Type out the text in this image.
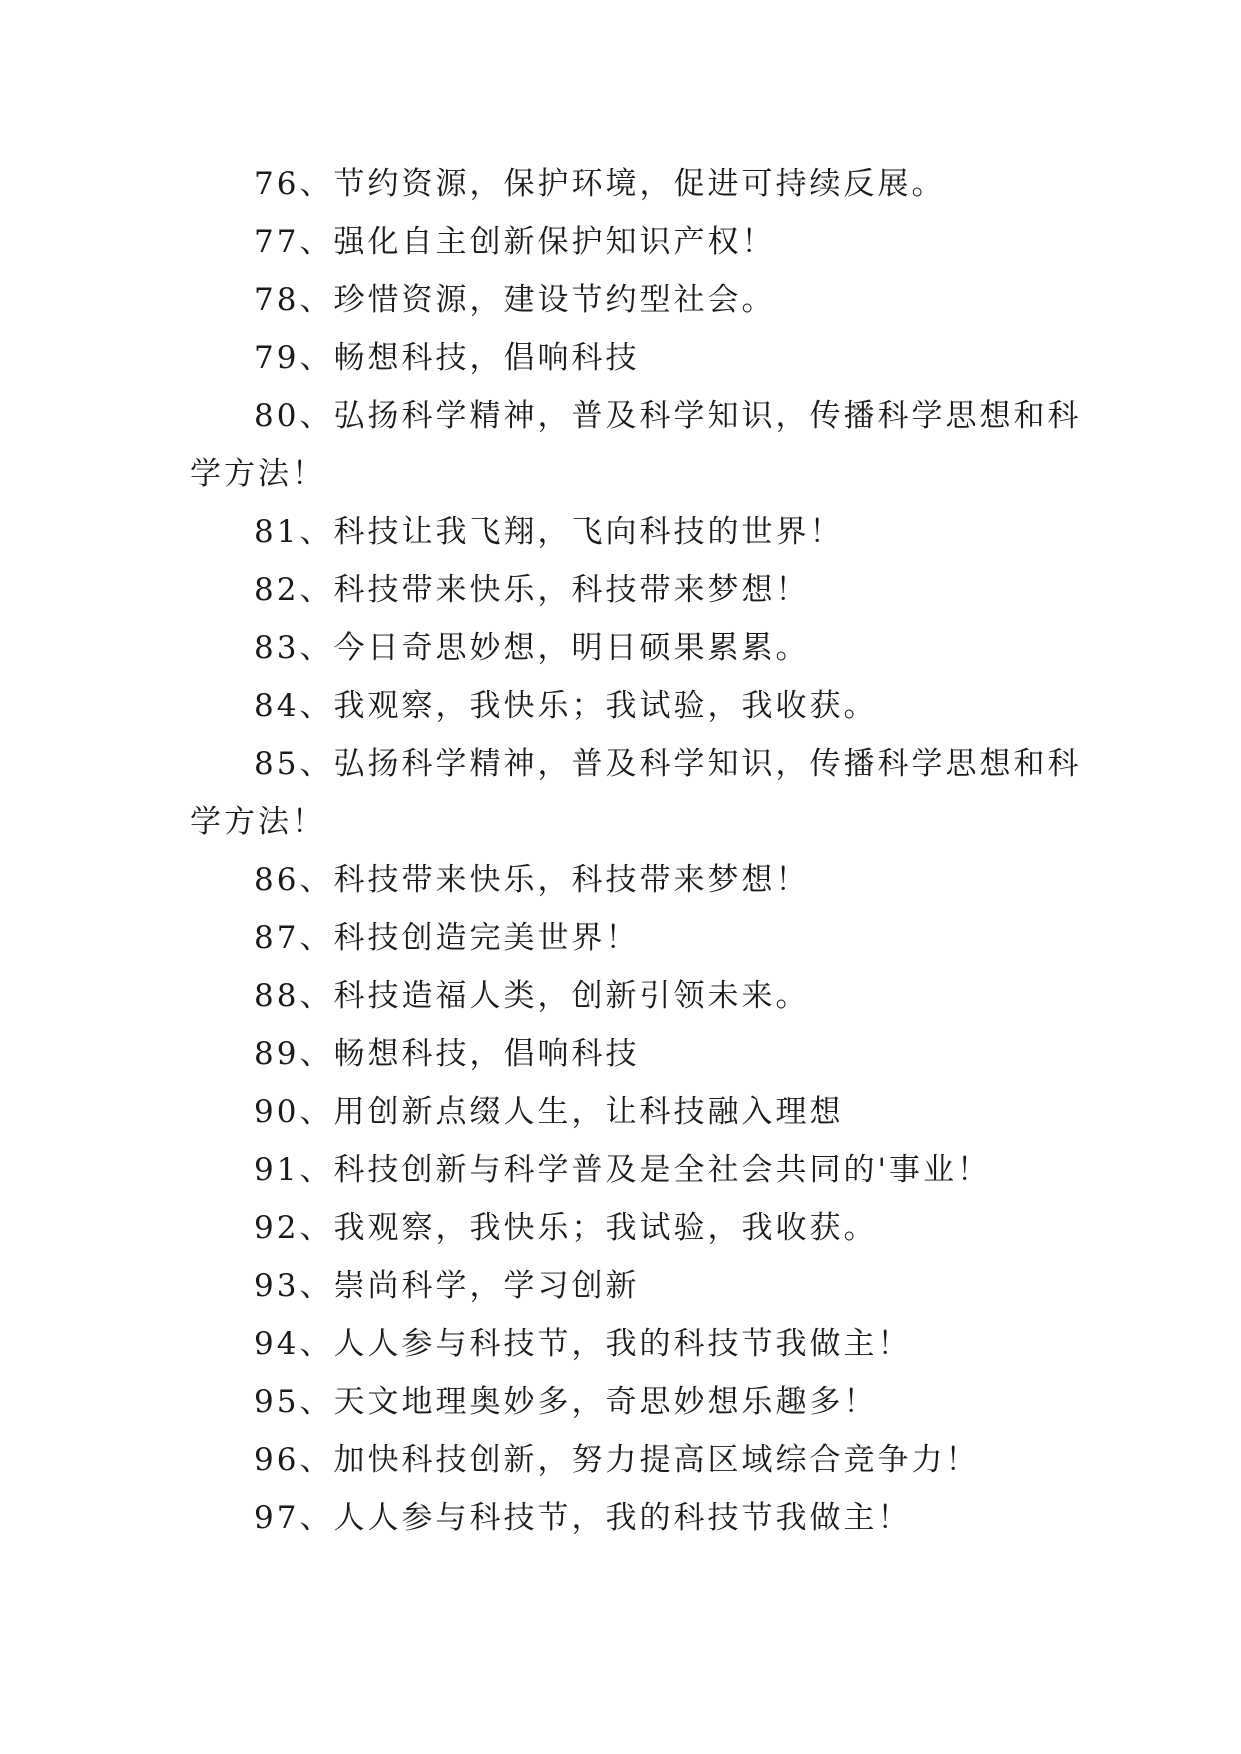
76、节约资源，保护环境，促进可持续反展。
77、强化自主创新保护知识产权！
78、珍惜资源，建设节约型社会。
79、畅想科技，倡响科技
80、弘扬科学精神，普及科学知识，传播科学思想和科
学方法！
81、科技让我飞翔，飞向科技的世界！
82、科技带来快乐，科技带来梦想！
83、今日奇思妙想，明日硕果累累。
84、我观察，我快乐；我试验，我收获。
85、弘扬科学精神，普及科学知识，传播科学思想和科
学方法！
86、科技带来快乐，科技带来梦想！
87、科技创造完美世界！
88、科技造福人类，创新引领未来。
89、畅想科技，倡响科技
90、用创新点缀人生，让科技融入理想
91、科技创新与科学普及是全社会共同的'事业！
92、我观察，我快乐；我试验，我收获。
93、崇尚科学，学习创新
94、人人参与科技节，我的科技节我做主！
95、天文地理奥妙多，奇思妙想乐趣多！
96、加快科技创新，努力提高区域综合竞争力！
97、人人参与科技节，我的科技节我做主！
